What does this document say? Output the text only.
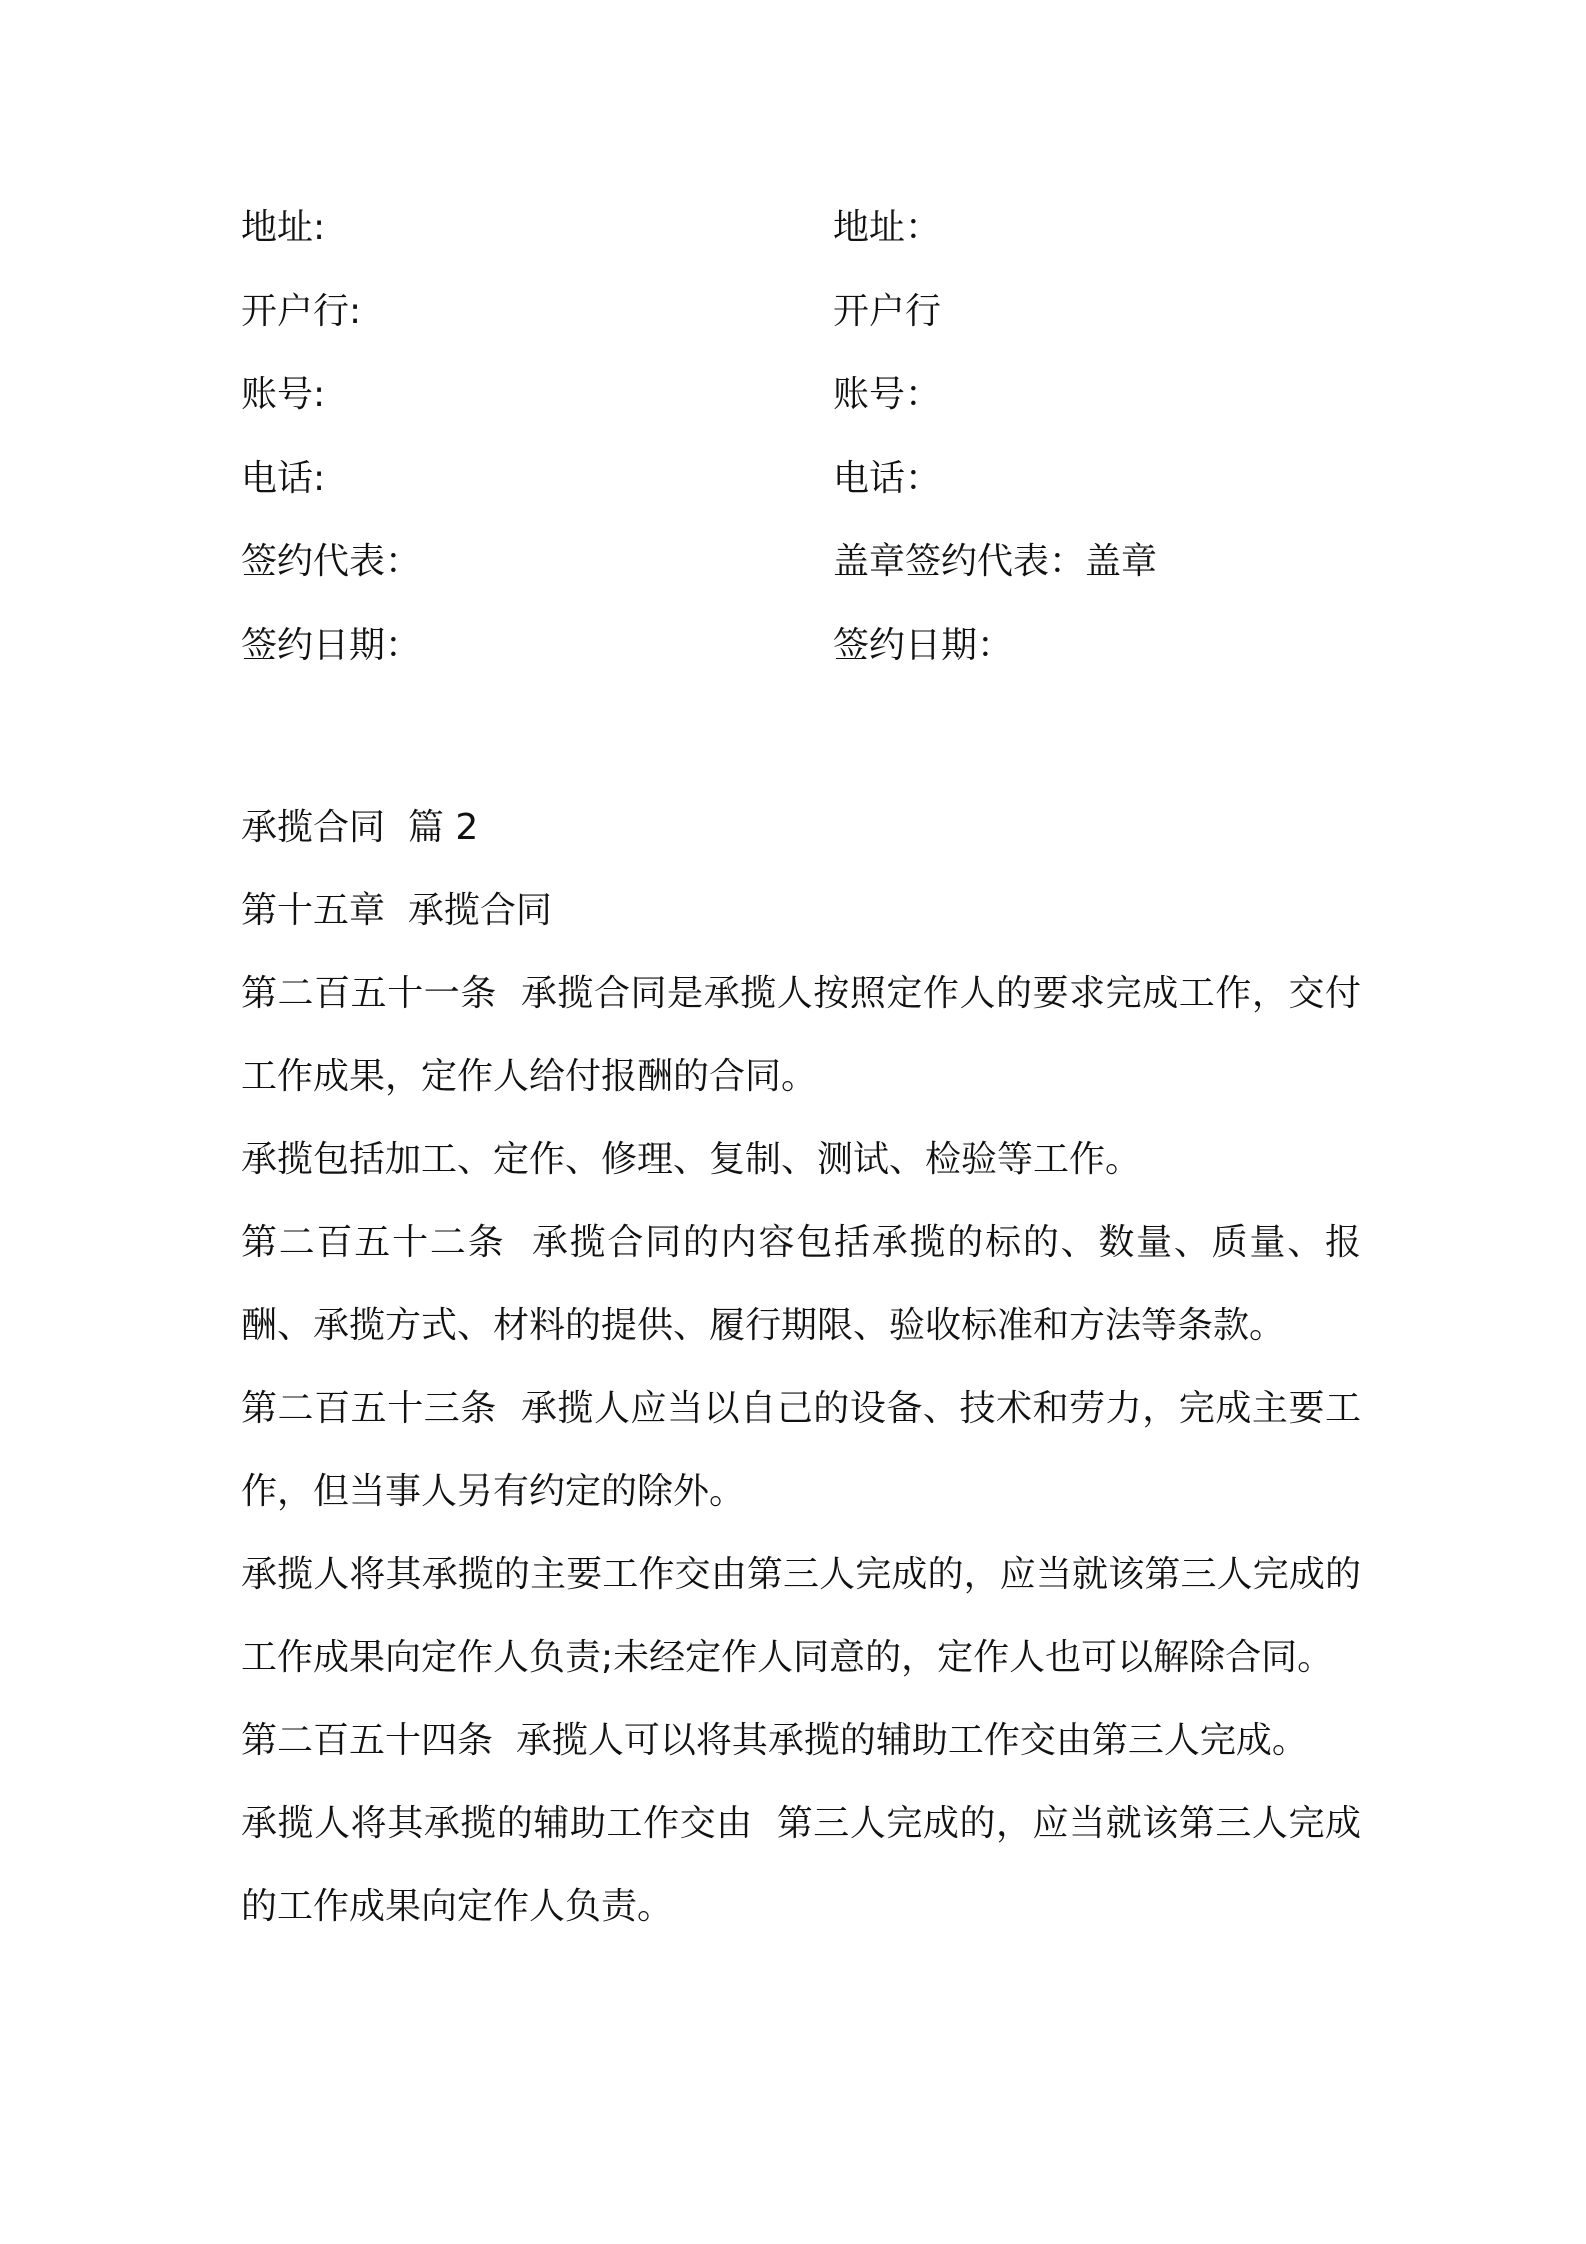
地址:	地址：
开户行:	开户行
账号:	账号：
电话:	电话：
签约代表：	盖章签约代表：盖章
签约日期：	签约日期：

承揽合同  篇 2

第十五章  承揽合同

第二百五十一条  承揽合同是承揽人按照定作人的要求完成工作，交付工作成果，定作人给付报酬的合同。

承揽包括加工、定作、修理、复制、测试、检验等工作。

第二百五十二条  承揽合同的内容包括承揽的标的、数量、质量、报酬、承揽方式、材料的提供、履行期限、验收标准和方法等条款。

第二百五十三条  承揽人应当以自己的设备、技术和劳力，完成主要工作，但当事人另有约定的除外。

承揽人将其承揽的主要工作交由第三人完成的，应当就该第三人完成的工作成果向定作人负责;未经定作人同意的，定作人也可以解除合同。

第二百五十四条  承揽人可以将其承揽的辅助工作交由第三人完成。

承揽人将其承揽的辅助工作交由  第三人完成的，应当就该第三人完成的工作成果向定作人负责。
